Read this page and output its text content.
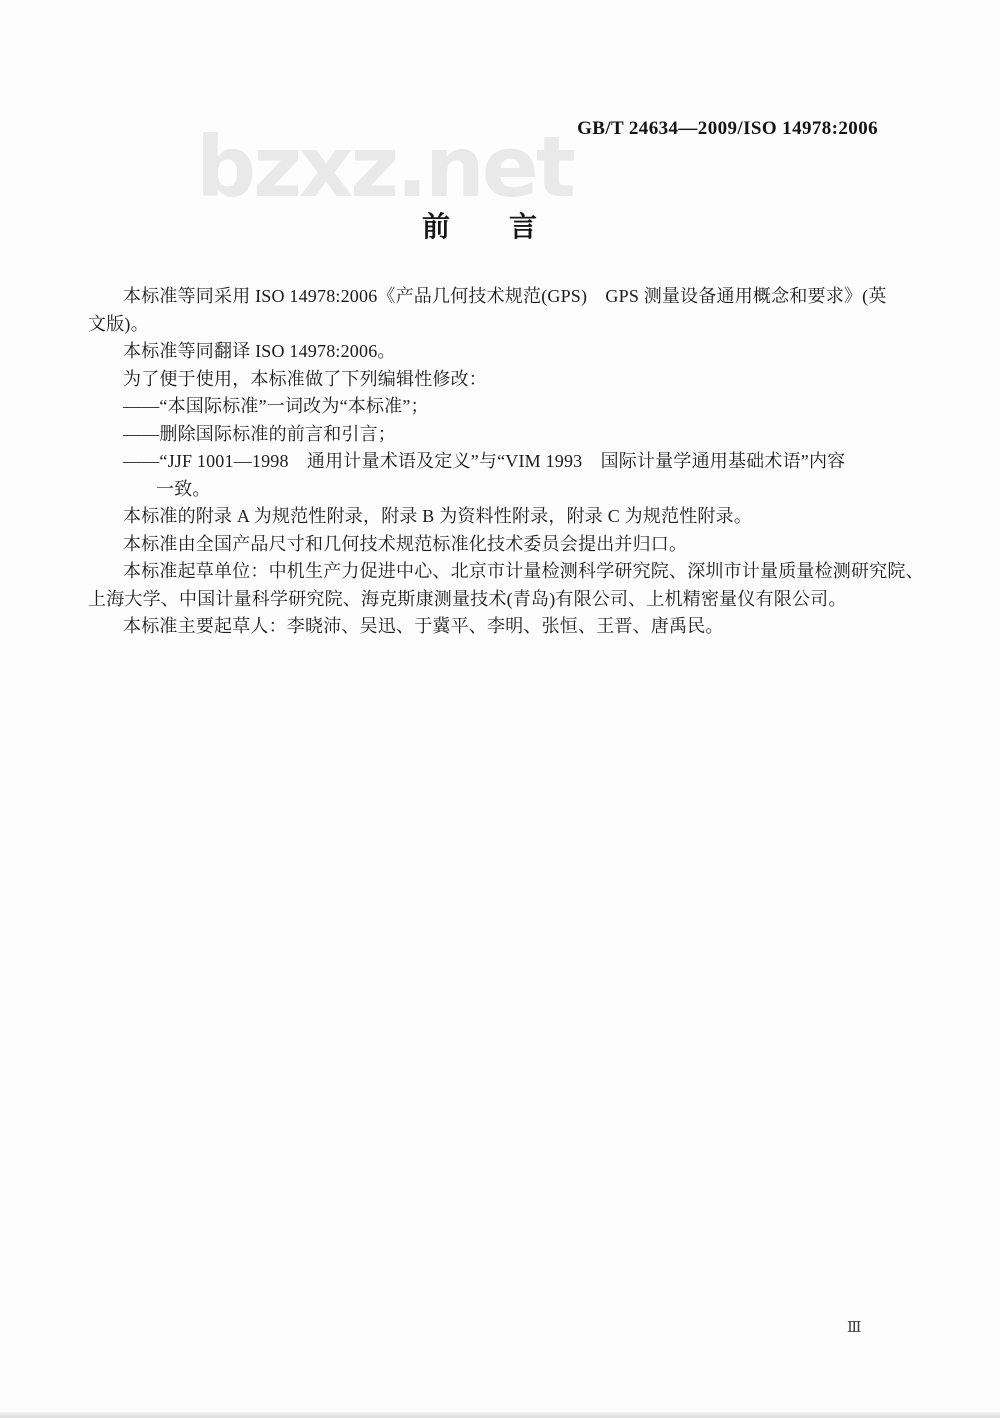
bzxz.net GB/T 24634—2009/ISO 14978:2006
前　　言
本标准等同采用 ISO 14978:2006《产品几何技术规范(GPS)　GPS 测量设备通用概念和要求》(英
文版)。
本标准等同翻译 ISO 14978:2006。
为了便于使用，本标准做了下列编辑性修改：
——“本国际标准”一词改为“本标准”；
——删除国际标准的前言和引言；
——“JJF 1001—1998　通用计量术语及定义”与“VIM 1993　国际计量学通用基础术语”内容
一致。
本标准的附录 A 为规范性附录，附录 B 为资料性附录，附录 C 为规范性附录。
本标准由全国产品尺寸和几何技术规范标准化技术委员会提出并归口。
本标准起草单位：中机生产力促进中心、北京市计量检测科学研究院、深圳市计量质量检测研究院、
上海大学、中国计量科学研究院、海克斯康测量技术(青岛)有限公司、上机精密量仪有限公司。
本标准主要起草人：李晓沛、吴迅、于冀平、李明、张恒、王晋、唐禹民。
Ⅲ
